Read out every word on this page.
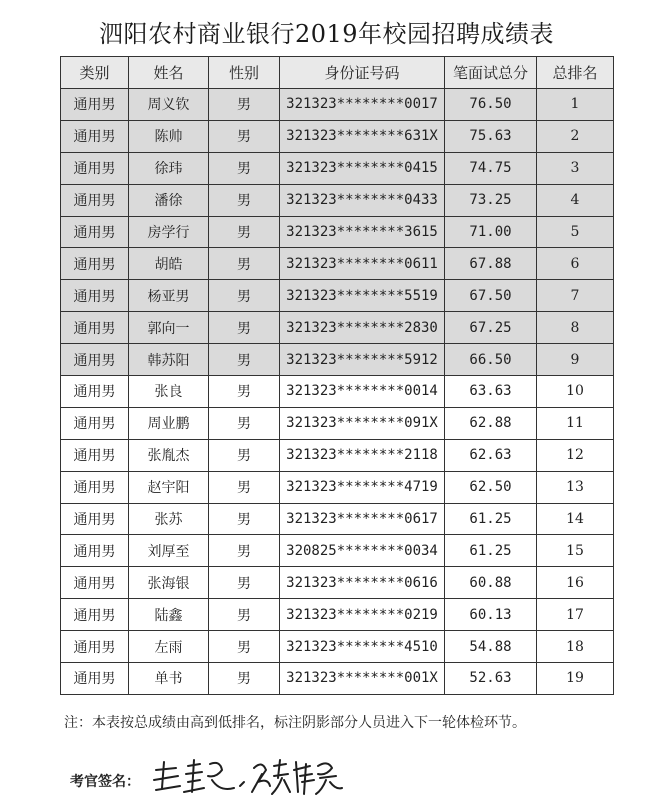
泗阳农村商业银行2019年校园招聘成绩表
类别	姓名	性别	身份证号码	笔面试总分	总排名
通用男	周义钦	男	321323********0017	76.50	1
通用男	陈帅	男	321323********631X	75.63	2
通用男	徐玮	男	321323********0415	74.75	3
通用男	潘徐	男	321323********0433	73.25	4
通用男	房学行	男	321323********3615	71.00	5
通用男	胡皓	男	321323********0611	67.88	6
通用男	杨亚男	男	321323********5519	67.50	7
通用男	郭向一	男	321323********2830	67.25	8
通用男	韩苏阳	男	321323********5912	66.50	9
通用男	张良	男	321323********0014	63.63	10
通用男	周业鹏	男	321323********091X	62.88	11
通用男	张胤杰	男	321323********2118	62.63	12
通用男	赵宇阳	男	321323********4719	62.50	13
通用男	张苏	男	321323********0617	61.25	14
通用男	刘厚至	男	320825********0034	61.25	15
通用男	张海银	男	321323********0616	60.88	16
通用男	陆鑫	男	321323********0219	60.13	17
通用男	左雨	男	321323********4510	54.88	18
通用男	单书	男	321323********001X	52.63	19
注：本表按总成绩由高到低排名，标注阴影部分人员进入下一轮体检环节。
考官签名：
